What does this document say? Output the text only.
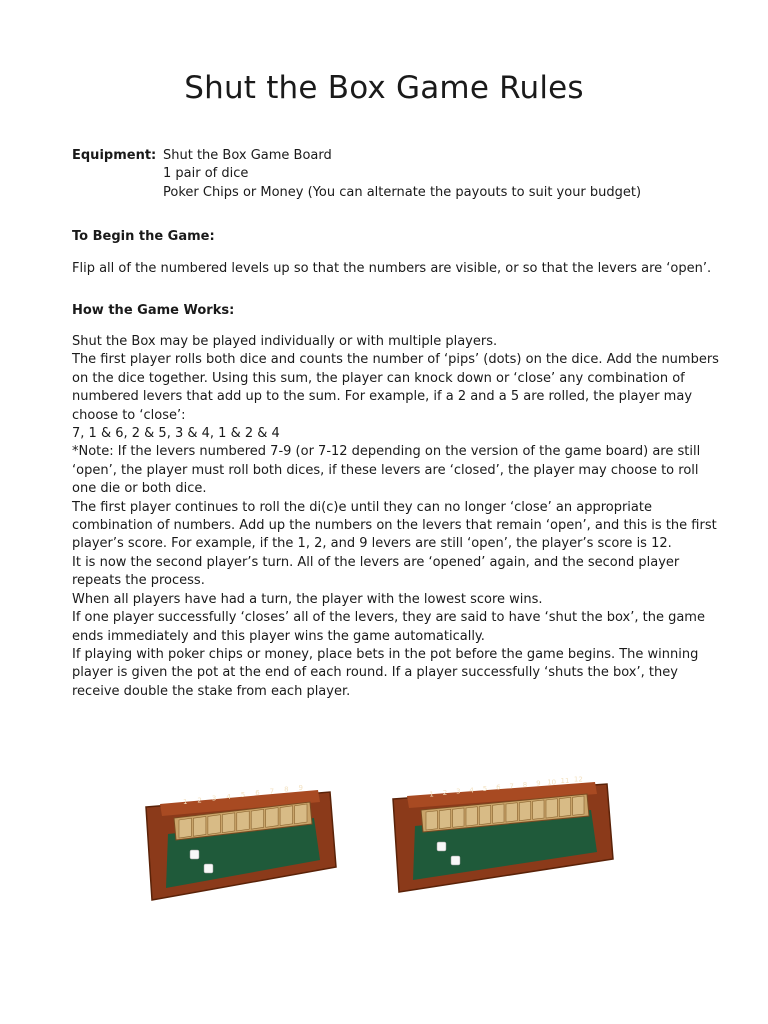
Shut the Box Game Rules
Equipment: Shut the Box Game Board
1 pair of dice
Poker Chips or Money (You can alternate the payouts to suit your budget)
To Begin the Game:

Flip all of the numbered levels up so that the numbers are visible, or so that the levers are ‘open’.

How the Game Works:

Shut the Box may be played individually or with multiple players.
The first player rolls both dice and counts the number of ‘pips’ (dots) on the dice. Add the numbers
on the dice together. Using this sum, the player can knock down or ‘close’ any combination of
numbered levers that add up to the sum. For example, if a 2 and a 5 are rolled, the player may
choose to ‘close’:
7, 1 & 6, 2 & 5, 3 & 4, 1 & 2 & 4
*Note: If the levers numbered 7-9 (or 7-12 depending on the version of the game board) are still
‘open’, the player must roll both dices, if these levers are ‘closed’, the player may choose to roll
one die or both dice.
The first player continues to roll the di(c)e until they can no longer ‘close’ an appropriate
combination of numbers. Add up the numbers on the levers that remain ‘open’, and this is the first
player’s score. For example, if the 1, 2, and 9 levers are still ‘open’, the player’s score is 12.
It is now the second player’s turn. All of the levers are ‘opened’ again, and the second player
repeats the process.
When all players have had a turn, the player with the lowest score wins.
If one player successfully ‘closes’ all of the levers, they are said to have ‘shut the box’, the game
ends immediately and this player wins the game automatically.
If playing with poker chips or money, place bets in the pot before the game begins. The winning
player is given the pot at the end of each round. If a player successfully ‘shuts the box’, they
receive double the stake from each player.

1 2 3 4 5 6 7 8 9
1 2 3 4 5 6 7 8 9 10 11 12
